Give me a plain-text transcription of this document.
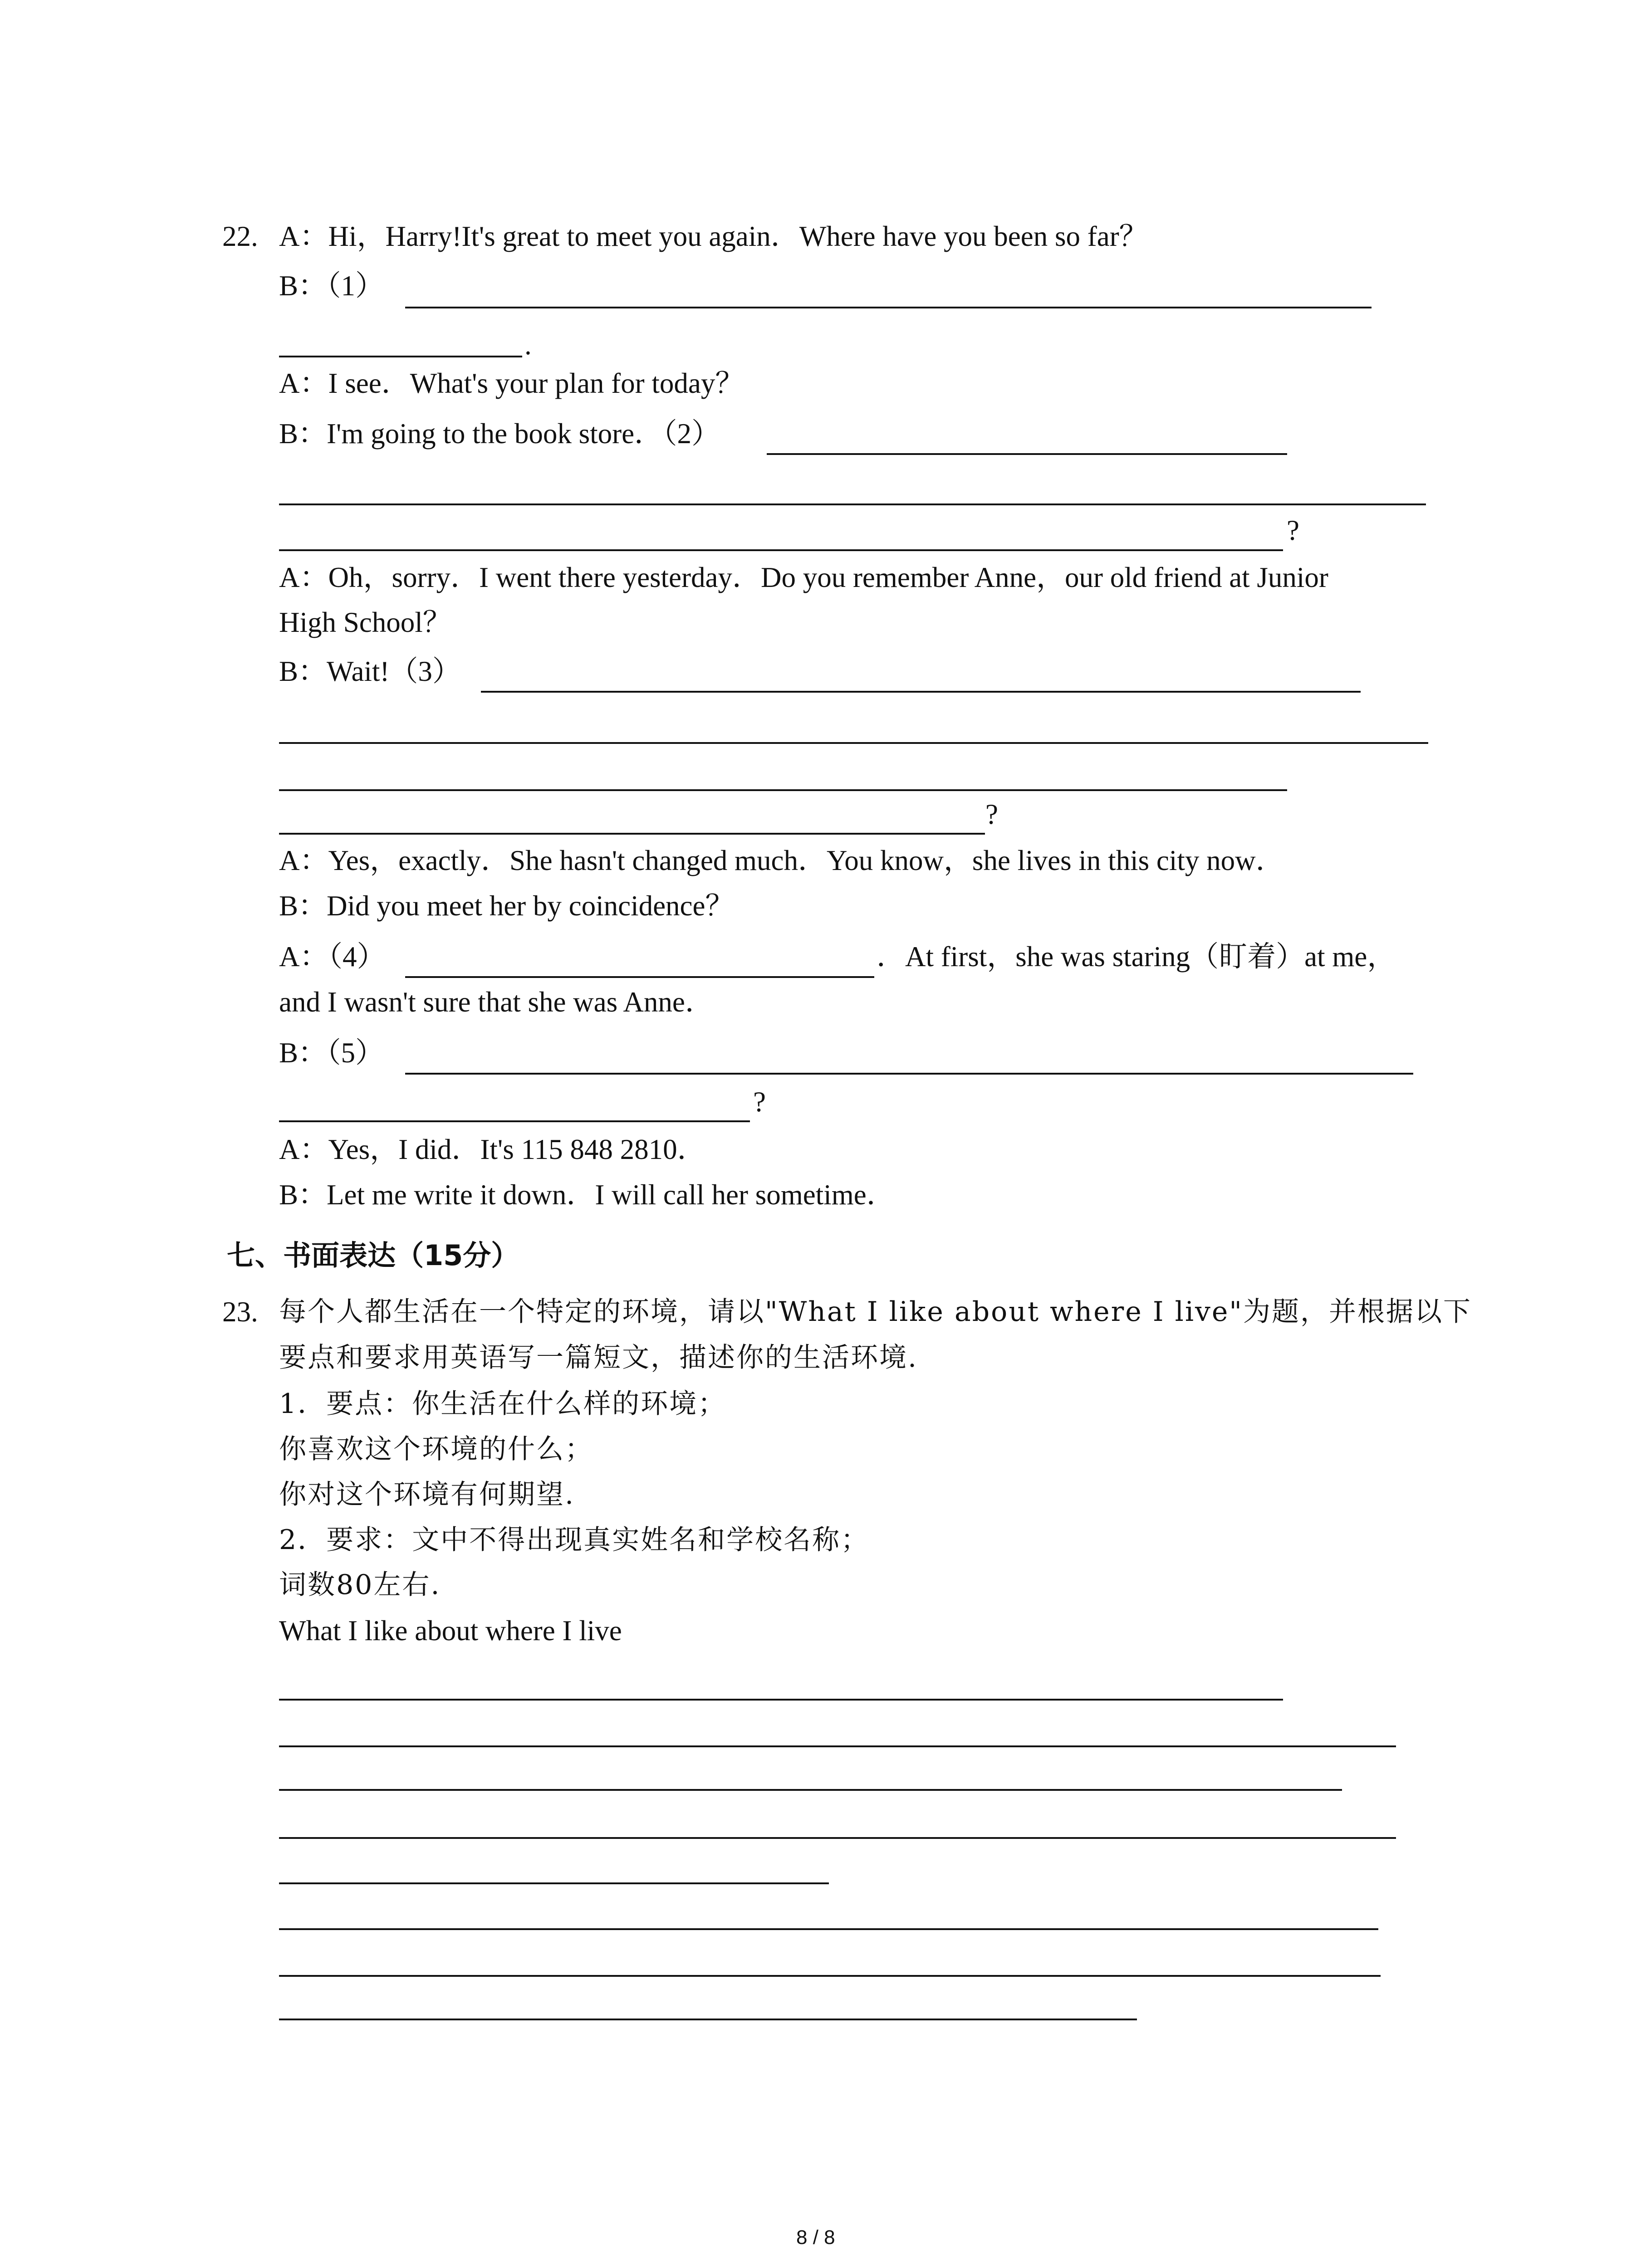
22. A：Hi，Harry!It's great to meet you again．Where have you been so far？
B：（1）
.
A：I see．What's your plan for today？
B：I'm going to the book store．（2）
?
A：Oh，sorry．I went there yesterday．Do you remember Anne，our old friend at Junior
High School？
B：Wait!（3）
?
A：Yes，exactly．She hasn't changed much．You know，she lives in this city now．
B：Did you meet her by coincidence？
A：（4）	．At first，she was staring（盯着）at me，
and I wasn't sure that she was Anne．
B：（5）
?
A：Yes，I did．It's 115 848 2810．
B：Let me write it down．I will call her sometime．
七、书面表达（15分）
23. 每个人都生活在一个特定的环境，请以"What I like about where I live"为题，并根据以下
要点和要求用英语写一篇短文，描述你的生活环境.
1．要点：你生活在什么样的环境；
你喜欢这个环境的什么；
你对这个环境有何期望.
2．要求：文中不得出现真实姓名和学校名称；
词数80左右.
What I like about where I live
8 / 8
